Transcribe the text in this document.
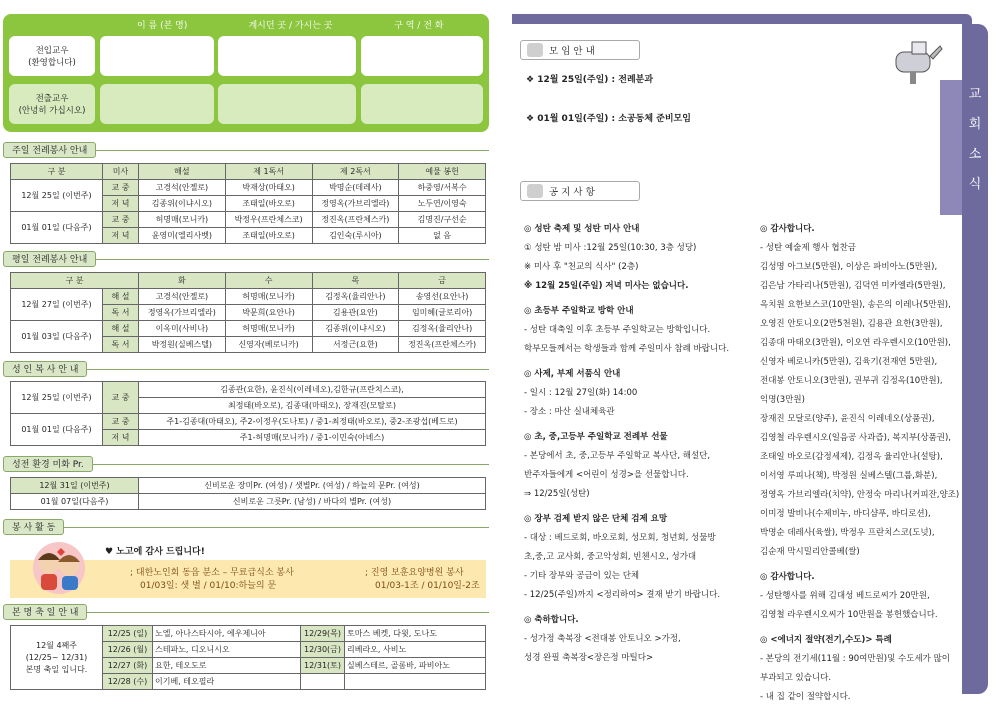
이 름 (본 명)	계시던 곳 / 가시는 곳	구 역 / 전 화
전입교우
(환영합니다)
전출교우
(안녕히 가십시오)
주일 전례봉사 안내
구 분	미사	해설	제 1독서	제 2독서	예물 봉헌
12월 25일 (이번주)	교 중	고경석(안젤로)	박재상(마태오)	박명순(데레사)	하중영/서복수
	저 녁	김종위(이냐시오)	조태일(바오로)	정영옥(가브리엘라)	노두연/이영숙
01월 01일 (다음주)	교 중	허명매(모니카)	박정우(프란체스코)	정진옥(프란체스카)	김명진/구선순
	저 녁	윤영미(엘리사벳)	조태일(바오로)	김인숙(루시아)	없 음
평일 전례봉사 안내
구 분		화	수	목	금
12월 27일 (이번주)	해 설	고경석(안젤로)	허명매(모니카)	김정옥(율리안나)	송영선(요안나)
	독 서	정영옥(가브리엘라)	박문희(요안나)	김용관(요안)	임미혜(글로리아)
01월 03일 (다음주)	해 설	이옥미(사비나)	허명매(모니카)	김종위(이냐시오)	김정옥(율리안나)
	독 서	박정원(실베스텔)	신영자(베로니카)	서정근(요한)	정진옥(프란체스카)
성 인 복 사 안 내
12월 25일 (이번주)	교 중	김종관(요한), 윤진식(이레네오),김한규(프란치스코),
		최정태(바오로), 김종대(마태오), 장재진(모탈로)
01월 01일 (다음주)	교 중	주1-김종대(마태오), 주2-이정우(도나토) / 중1-최정태(바오로), 중2-조광섭(베드로)
	저 녁	주1-허명매(모니카) / 중1-이민숙(아녜스)
성전 환경 미화 Pr.
12월 31일 (이번주)	신비로운 장미Pr. (여성) / 샛별Pr. (여성) / 하늘의 문Pr. (여성)
01월 07일(다음주)	신비로운 그릇Pr. (남성) / 바다의 별Pr. (여성)
봉 사 활 동
♥ 노고에 감사 드립니다!
; 대한노인회 동읍 분소 – 무료급식소 봉사
01/03일: 샛 별 / 01/10:하늘의 문
; 진영 보훈요양병원 봉사
01/03-1조 / 01/10일-2조
본 명 축 일 안 내
12월 4째주
(12/25~ 12/31)
본명 축일 입니다.	12/25 (일)	노엘, 아나스타시아, 에우제니아	12/29(목)	토마스 베켓, 다윗, 도나도
	12/26 (월)	스테파노, 디오니시오	12/30(금)	리베라오, 사비노
	12/27 (화)	요한, 테오도로	12/31(토)	실베스테르, 골롬바, 파비아노
	12/28 (수)	이기베, 테오필라		
교
회
소
식
모 임 안 내
❖ 12월 25일(주일) : 전례분과
❖ 01월 01일(주일) : 소공동체 준비모임
공 지 사 항
◎ 성탄 축제 및 성탄 미사 안내
① 성탄 밤 미사 :12월 25일(10:30, 3층 성당)
※ 미사 후 "천교의 식사" (2층)
※ 12월 25일(주일) 저녁 미사는 없습니다.
◎ 초등부 주일학교 방학 안내
- 성탄 대축일 이후 초등부 주일학교는 방학입니다.
학부모들께서는 학생들과 함께 주일미사 참례 바랍니다.
◎ 사제, 부제 서품식 안내
- 일시 : 12월 27일(화) 14:00
- 장소 : 마산 실내체육관
◎ 초, 중,고등부 주일학교 전례부 선물
- 본당에서 초, 중,고등부 주일학교 복사단, 해설단,
반주자들에게 <어린이 성경>을 선물합니다.
⇒ 12/25일(성탄)
◎ 장부 검제 받지 않은 단체 검제 요망
- 대상 : 베드로회, 바오로회, 성모회, 청년회, 성물방
초,중,고 교사회, 중고악성회, 빈첸시오, 성가대
- 기타 장부와 공금이 있는 단체
- 12/25(주일)까지 <정리하여> 결재 받기 바랍니다.
◎ 축하합니다.
- 성가정 축복장 <전대봉 안토니오 >가정,
성경 완필 축복장<장은정 마틸다>
◎ 감사합니다.
- 성탄 예술제 행사 협찬금
김성명 아그보(5만원), 이상은 파비아노(5만원),
김은남 가타리나(5만원), 김덕연 미카엘라(5만원),
옥치원 요한보스코(10만원), 송은의 이레나(5만원),
오영진 안토니오(2만5천원), 김용관 요한(3만원),
김종대 마태오(3만원), 이오연 라우렌시오(10만원),
신영자 베로니카(5만원), 김육기(전재연 5만원),
전대봉 안토니오(3만원), 권부귀 김정옥(10만원),
익명(3만원)
장재진 모달로(양주), 윤진식 이레네오(상품권),
김영철 라우렌시오(일음공 사과즙), 복지부(상품권),
조태일 바오로(감정세제), 김정옥 율리안나(설탕),
이서영 루피나(책), 박정원 실베스텔(그룹,화분),
정영옥 가브리엘라(치약), 안정숙 마리나(커피잔,양조)
이미정 발비나(수제비누, 바디샴푸, 바디로션),
박명순 데레사(육쌀), 박정우 프란치스코(도넛),
김순재 막시밀리안콜베(쌀)
◎ 감사합니다.
- 성탄행사를 위해 김대성 베드로씨가 20만원,
김영철 라우렌시오씨가 10만원을 봉헌했습니다.
◎ <에너지 절약(전기,수도)> 특례
- 본당의 전기세(11월 : 90여만원)및 수도세가 많이
부과되고 있습니다.
- 내 집 같이 절약합시다.
